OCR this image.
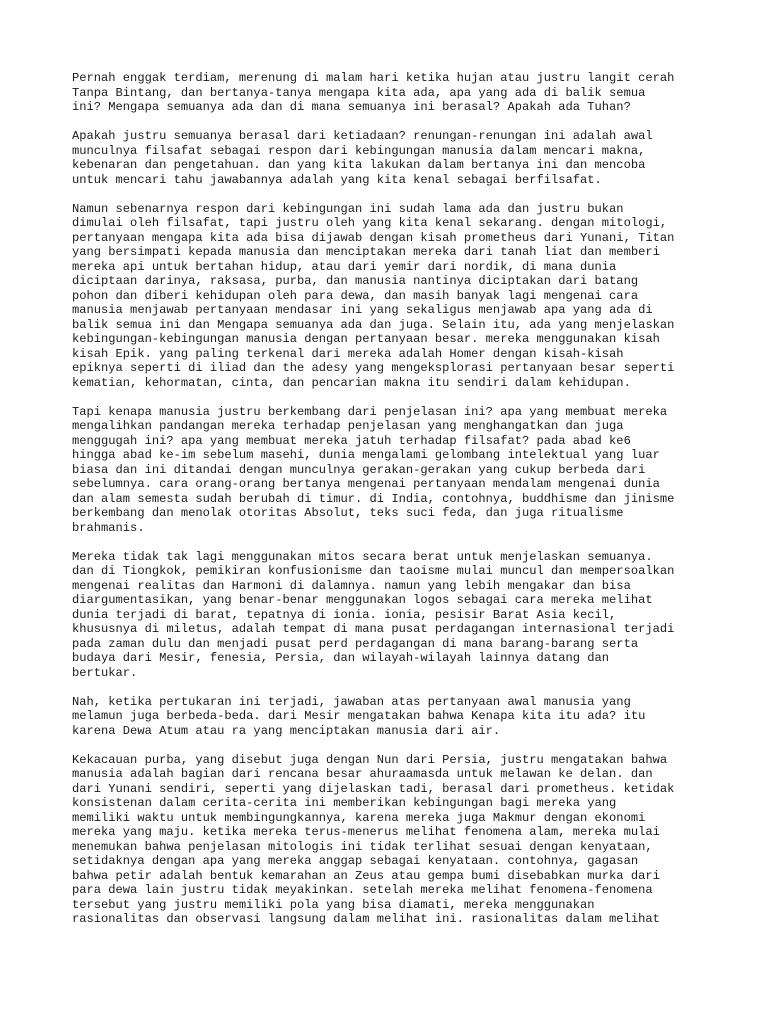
Pernah enggak terdiam, merenung di malam hari ketika hujan atau justru langit cerah
Tanpa Bintang, dan bertanya-tanya mengapa kita ada, apa yang ada di balik semua
ini? Mengapa semuanya ada dan di mana semuanya ini berasal? Apakah ada Tuhan?
Apakah justru semuanya berasal dari ketiadaan? renungan-renungan ini adalah awal
munculnya filsafat sebagai respon dari kebingungan manusia dalam mencari makna,
kebenaran dan pengetahuan. dan yang kita lakukan dalam bertanya ini dan mencoba
untuk mencari tahu jawabannya adalah yang kita kenal sebagai berfilsafat.
Namun sebenarnya respon dari kebingungan ini sudah lama ada dan justru bukan
dimulai oleh filsafat, tapi justru oleh yang kita kenal sekarang. dengan mitologi,
pertanyaan mengapa kita ada bisa dijawab dengan kisah prometheus dari Yunani, Titan
yang bersimpati kepada manusia dan menciptakan mereka dari tanah liat dan memberi
mereka api untuk bertahan hidup, atau dari yemir dari nordik, di mana dunia
diciptaan darinya, raksasa, purba, dan manusia nantinya diciptakan dari batang
pohon dan diberi kehidupan oleh para dewa, dan masih banyak lagi mengenai cara
manusia menjawab pertanyaan mendasar ini yang sekaligus menjawab apa yang ada di
balik semua ini dan Mengapa semuanya ada dan juga. Selain itu, ada yang menjelaskan
kebingungan-kebingungan manusia dengan pertanyaan besar. mereka menggunakan kisah
kisah Epik. yang paling terkenal dari mereka adalah Homer dengan kisah-kisah
epiknya seperti di iliad dan the adesy yang mengeksplorasi pertanyaan besar seperti
kematian, kehormatan, cinta, dan pencarian makna itu sendiri dalam kehidupan.
Tapi kenapa manusia justru berkembang dari penjelasan ini? apa yang membuat mereka
mengalihkan pandangan mereka terhadap penjelasan yang menghangatkan dan juga
menggugah ini? apa yang membuat mereka jatuh terhadap filsafat? pada abad ke6
hingga abad ke-im sebelum masehi, dunia mengalami gelombang intelektual yang luar
biasa dan ini ditandai dengan munculnya gerakan-gerakan yang cukup berbeda dari
sebelumnya. cara orang-orang bertanya mengenai pertanyaan mendalam mengenai dunia
dan alam semesta sudah berubah di timur. di India, contohnya, buddhisme dan jinisme
berkembang dan menolak otoritas Absolut, teks suci feda, dan juga ritualisme
brahmanis.
Mereka tidak tak lagi menggunakan mitos secara berat untuk menjelaskan semuanya.
dan di Tiongkok, pemikiran konfusionisme dan taoisme mulai muncul dan mempersoalkan
mengenai realitas dan Harmoni di dalamnya. namun yang lebih mengakar dan bisa
diargumentasikan, yang benar-benar menggunakan logos sebagai cara mereka melihat
dunia terjadi di barat, tepatnya di ionia. ionia, pesisir Barat Asia kecil,
khususnya di miletus, adalah tempat di mana pusat perdagangan internasional terjadi
pada zaman dulu dan menjadi pusat perd perdagangan di mana barang-barang serta
budaya dari Mesir, fenesia, Persia, dan wilayah-wilayah lainnya datang dan
bertukar.
Nah, ketika pertukaran ini terjadi, jawaban atas pertanyaan awal manusia yang
melamun juga berbeda-beda. dari Mesir mengatakan bahwa Kenapa kita itu ada? itu
karena Dewa Atum atau ra yang menciptakan manusia dari air.
Kekacauan purba, yang disebut juga dengan Nun dari Persia, justru mengatakan bahwa
manusia adalah bagian dari rencana besar ahuraamasda untuk melawan ke delan. dan
dari Yunani sendiri, seperti yang dijelaskan tadi, berasal dari prometheus. ketidak
konsistenan dalam cerita-cerita ini memberikan kebingungan bagi mereka yang
memiliki waktu untuk membingungkannya, karena mereka juga Makmur dengan ekonomi
mereka yang maju. ketika mereka terus-menerus melihat fenomena alam, mereka mulai
menemukan bahwa penjelasan mitologis ini tidak terlihat sesuai dengan kenyataan,
setidaknya dengan apa yang mereka anggap sebagai kenyataan. contohnya, gagasan
bahwa petir adalah bentuk kemarahan an Zeus atau gempa bumi disebabkan murka dari
para dewa lain justru tidak meyakinkan. setelah mereka melihat fenomena-fenomena
tersebut yang justru memiliki pola yang bisa diamati, mereka menggunakan
rasionalitas dan observasi langsung dalam melihat ini. rasionalitas dalam melihat
